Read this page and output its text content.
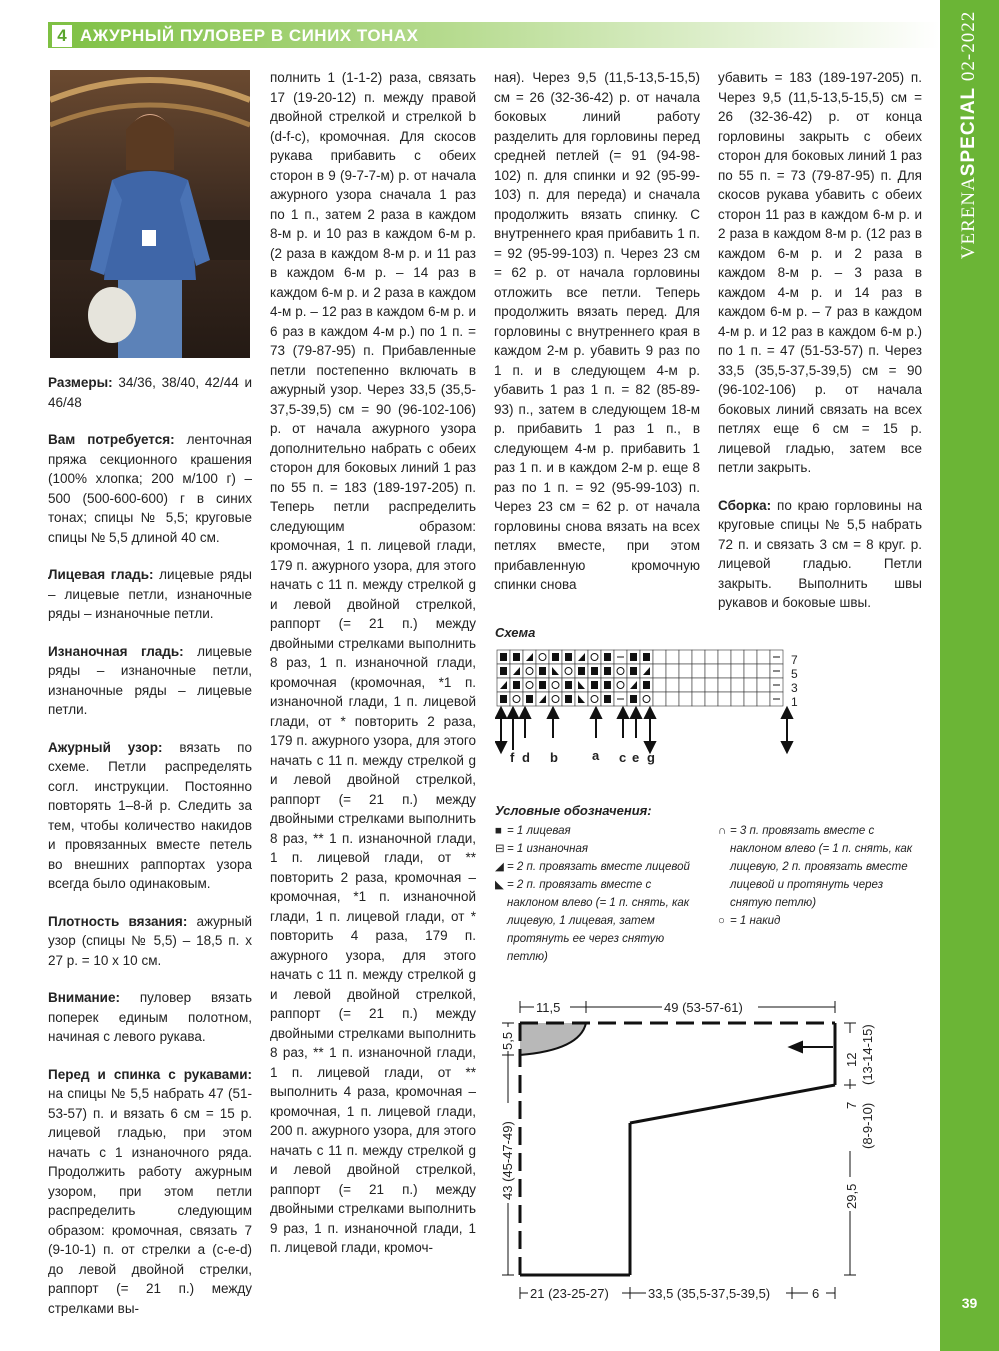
4 АЖУРНЫЙ ПУЛОВЕР В СИНИХ ТОНАХ
VERENASPECIAL 02-2022
39

Размеры: 34/36, 38/40, 42/44 и 46/48

Вам потребуется: ленточная пряжа секционного крашения (100% хлопка; 200 м/100 г) – 500 (500-600-600) г в синих тонах; спицы № 5,5; круговые спицы № 5,5 длиной 40 см.

Лицевая гладь: лицевые ряды – лицевые петли, изнаночные ряды – изнаночные петли.

Изнаночная гладь: лицевые ряды – изнаночные петли, изнаночные ряды – лицевые петли.

Ажурный узор: вязать по схеме. Петли распределять согл. инструкции. Постоянно повторять 1–8-й р. Следить за тем, чтобы количество накидов и провязанных вместе петель во внешних раппортах узора всегда было одинаковым.

Плотность вязания: ажурный узор (спицы № 5,5) – 18,5 п. х 27 р. = 10 х 10 см.

Внимание: пуловер вязать поперек единым полотном, начиная с левого рукава.

Перед и спинка с рукавами: на спицы № 5,5 набрать 47 (51-53-57) п. и вязать 6 см = 15 р. лицевой гладью, при этом начать с 1 изнаночного ряда. Продолжить работу ажурным узором, при этом петли распределить следующим образом: кромочная, связать 7 (9-10-1) п. от стрелки a (c-e-d) до левой двойной стрелки, раппорт (= 21 п.) между стрелками вы-

полнить 1 (1-1-2) раза, связать 17 (19-20-12) п. между правой двойной стрелкой и стрелкой b (d-f-c), кромочная. Для скосов рукава прибавить с обеих сторон в 9 (9-7-7-м) р. от начала ажурного узора сначала 1 раз по 1 п., затем 2 раза в каждом 8-м р. и 10 раз в каждом 6-м р. (2 раза в каждом 8-м р. и 11 раз в каждом 6-м р. – 14 раз в каждом 6-м р. и 2 раза в каждом 4-м р. – 12 раз в каждом 6-м р. и 6 раз в каждом 4-м р.) по 1 п. = 73 (79-87-95) п. Прибавленные петли постепенно включать в ажурный узор. Через 33,5 (35,5-37,5-39,5) см = 90 (96-102-106) р. от начала ажурного узора дополнительно набрать с обеих сторон для боковых линий 1 раз по 55 п. = 183 (189-197-205) п. Теперь петли распределить следующим образом: кромочная, 1 п. лицевой глади, 179 п. ажурного узора, для этого начать с 11 п. между стрелкой g и левой двойной стрелкой, раппорт (= 21 п.) между двойными стрелками выполнить 8 раз, 1 п. изнаночной глади, кромочная (кромочная, *1 п. изнаночной глади, 1 п. лицевой глади, от * повторить 2 раза, 179 п. ажурного узора, для этого начать с 11 п. между стрелкой g и левой двойной стрелкой, раппорт (= 21 п.) между двойными стрелками выполнить 8 раз, ** 1 п. изнаночной глади, 1 п. лицевой глади, от ** повторить 2 раза, кромочная – кромочная, *1 п. изнаночной глади, 1 п. лицевой глади, от * повторить 4 раза, 179 п. ажурного узора, для этого начать с 11 п. между стрелкой g и левой двойной стрелкой, раппорт (= 21 п.) между двойными стрелками выполнить 8 раз, ** 1 п. изнаночной глади, 1 п. лицевой глади, от ** выполнить 4 раза, кромочная – кромочная, 1 п. лицевой глади, 200 п. ажурного узора, для этого начать с 11 п. между стрелкой g и левой двойной стрелкой, раппорт (= 21 п.) между двойными стрелками выполнить 9 раз, 1 п. изнаночной глади, 1 п. лицевой глади, кромоч-

ная). Через 9,5 (11,5-13,5-15,5) см = 26 (32-36-42) р. от начала боковых линий работу разделить для горловины перед средней петлей (= 91 (94-98-102) п. для спинки и 92 (95-99-103) п. для переда) и сначала продолжить вязать спинку. С внутреннего края прибавить 1 п. = 92 (95-99-103) п. Через 23 см = 62 р. от начала горловины отложить все петли. Теперь продолжить вязать перед. Для горловины с внутреннего края в каждом 2-м р. убавить 9 раз по 1 п. и в следующем 4-м р. убавить 1 раз 1 п. = 82 (85-89-93) п., затем в следующем 18-м р. прибавить 1 раз 1 п., в следующем 4-м р. прибавить 1 раз 1 п. и в каждом 2-м р. еще 8 раз по 1 п. = 92 (95-99-103) п. Через 23 см = 62 р. от начала горловины снова вязать на всех петлях вместе, при этом прибавленную кромочную спинки снова

убавить = 183 (189-197-205) п. Через 9,5 (11,5-13,5-15,5) см = 26 (32-36-42) р. от конца горловины закрыть с обеих сторон для боковых линий 1 раз по 55 п. = 73 (79-87-95) п. Для скосов рукава убавить с обеих сторон 11 раз в каждом 6-м р. и 2 раза в каждом 8-м р. (12 раз в каждом 6-м р. и 2 раза в каждом 8-м р. – 3 раза в каждом 4-м р. и 14 раз в каждом 6-м р. – 7 раз в каждом 4-м р. и 12 раз в каждом 6-м р.) по 1 п. = 47 (51-53-57) п. Через 33,5 (35,5-37,5-39,5) см = 90 (96-102-106) р. от начала боковых линий связать на всех петлях еще 6 см = 15 р. лицевой гладью, затем все петли закрыть.

Сборка: по краю горловины на круговые спицы № 5,5 набрать 72 п. и связать 3 см = 8 круг. р. лицевой гладью. Петли закрыть. Выполнить швы рукавов и боковые швы.

Схема
7
5
3
1
f d b	a c e g
Условные обозначения:
■ = 1 лицевая
⊟ = 1 изнаночная
◢ = 2 п. провязать вместе лицевой
◣ = 2 п. провязать вместе с наклоном влево (= 1 п. снять, как лицевую, 1 лицевая, затем протянуть ее через снятую петлю)
∩ = 3 п. провязать вместе с наклоном влево (= 1 п. снять, как лицевую, 2 п. провязать вместе лицевой и протянуть через снятую петлю)
○ = 1 накид
11,5	49 (53-57-61)
5,5
43 (45-47-49)
12 (13-14-15)
7 (8-9-10)
29,5
21 (23-25-27)	33,5 (35,5-37,5-39,5)	6
